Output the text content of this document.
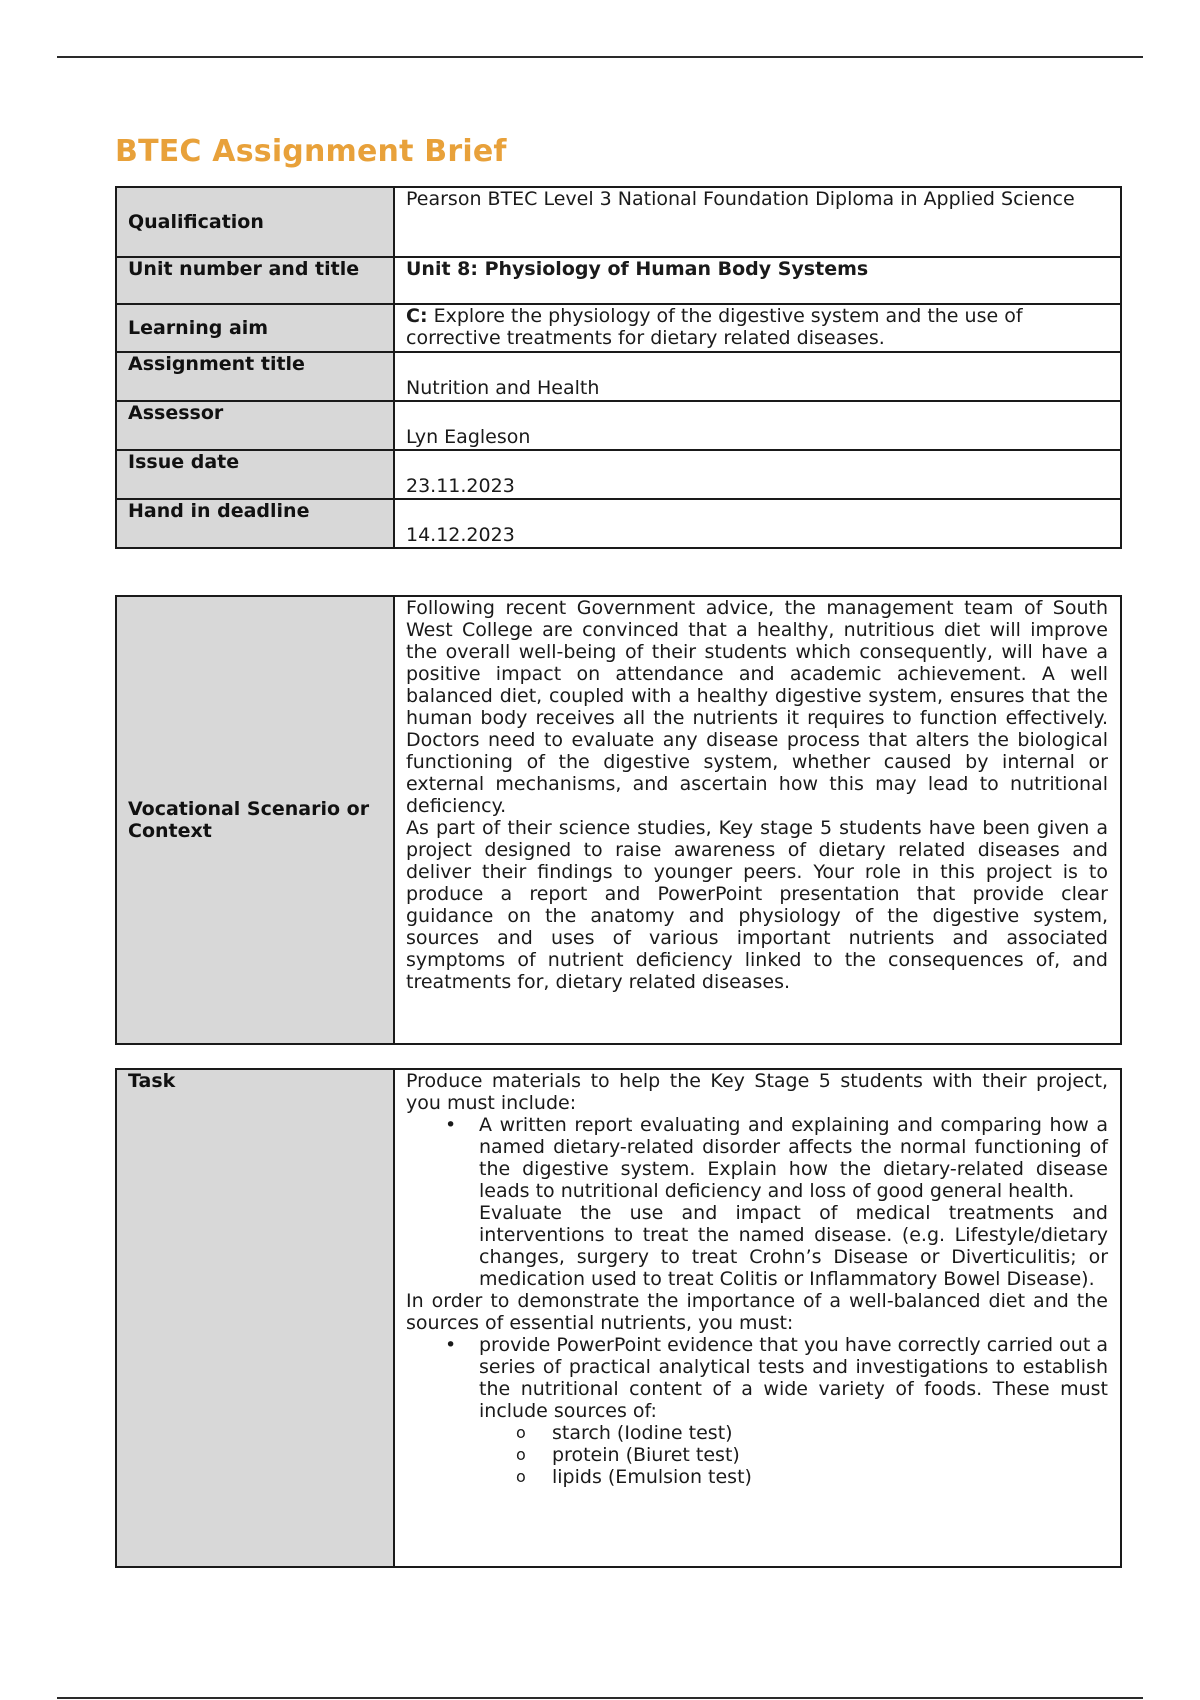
BTEC Assignment Brief
Qualification	Pearson BTEC Level 3 National Foundation Diploma in Applied Science
Unit number and title	Unit 8: Physiology of Human Body Systems
Learning aim	C: Explore the physiology of the digestive system and the use of corrective treatments for dietary related diseases.
Assignment title	Nutrition and Health
Assessor	Lyn Eagleson
Issue date	23.11.2023
Hand in deadline	14.12.2023
Vocational Scenario or Context	

Following recent Government advice, the management team of South West College are convinced that a healthy, nutritious diet will improve the overall well-being of their students which consequently, will have a positive impact on attendance and academic achievement. A well balanced diet, coupled with a healthy digestive system, ensures that the human body receives all the nutrients it requires to function effectively. Doctors need to evaluate any disease process that alters the biological functioning of the digestive system, whether caused by internal or external mechanisms, and ascertain how this may lead to nutritional deficiency.

As part of their science studies, Key stage 5 students have been given a project designed to raise awareness of dietary related diseases and deliver their findings to younger peers. Your role in this project is to produce a report and PowerPoint presentation that provide clear guidance on the anatomy and physiology of the digestive system, sources and uses of various important nutrients and associated symptoms of nutrient deficiency linked to the consequences of, and treatments for, dietary related diseases.

Task	Produce materials to help the Key Stage 5 students with their project, you must include:

• A written report evaluating and explaining and comparing how a named dietary-related disorder affects the normal functioning of the digestive system. Explain how the dietary-related disease leads to nutritional deficiency and loss of good general health.
Evaluate the use and impact of medical treatments and interventions to treat the named disease. (e.g. Lifestyle/dietary changes, surgery to treat Crohn’s Disease or Diverticulitis; or medication used to treat Colitis or Inflammatory Bowel Disease).

In order to demonstrate the importance of a well-balanced diet and the sources of essential nutrients, you must:

• provide PowerPoint evidence that you have correctly carried out a series of practical analytical tests and investigations to establish the nutritional content of a wide variety of foods. These must include sources of:
o starch (Iodine test)
o protein (Biuret test)
o lipids (Emulsion test)
